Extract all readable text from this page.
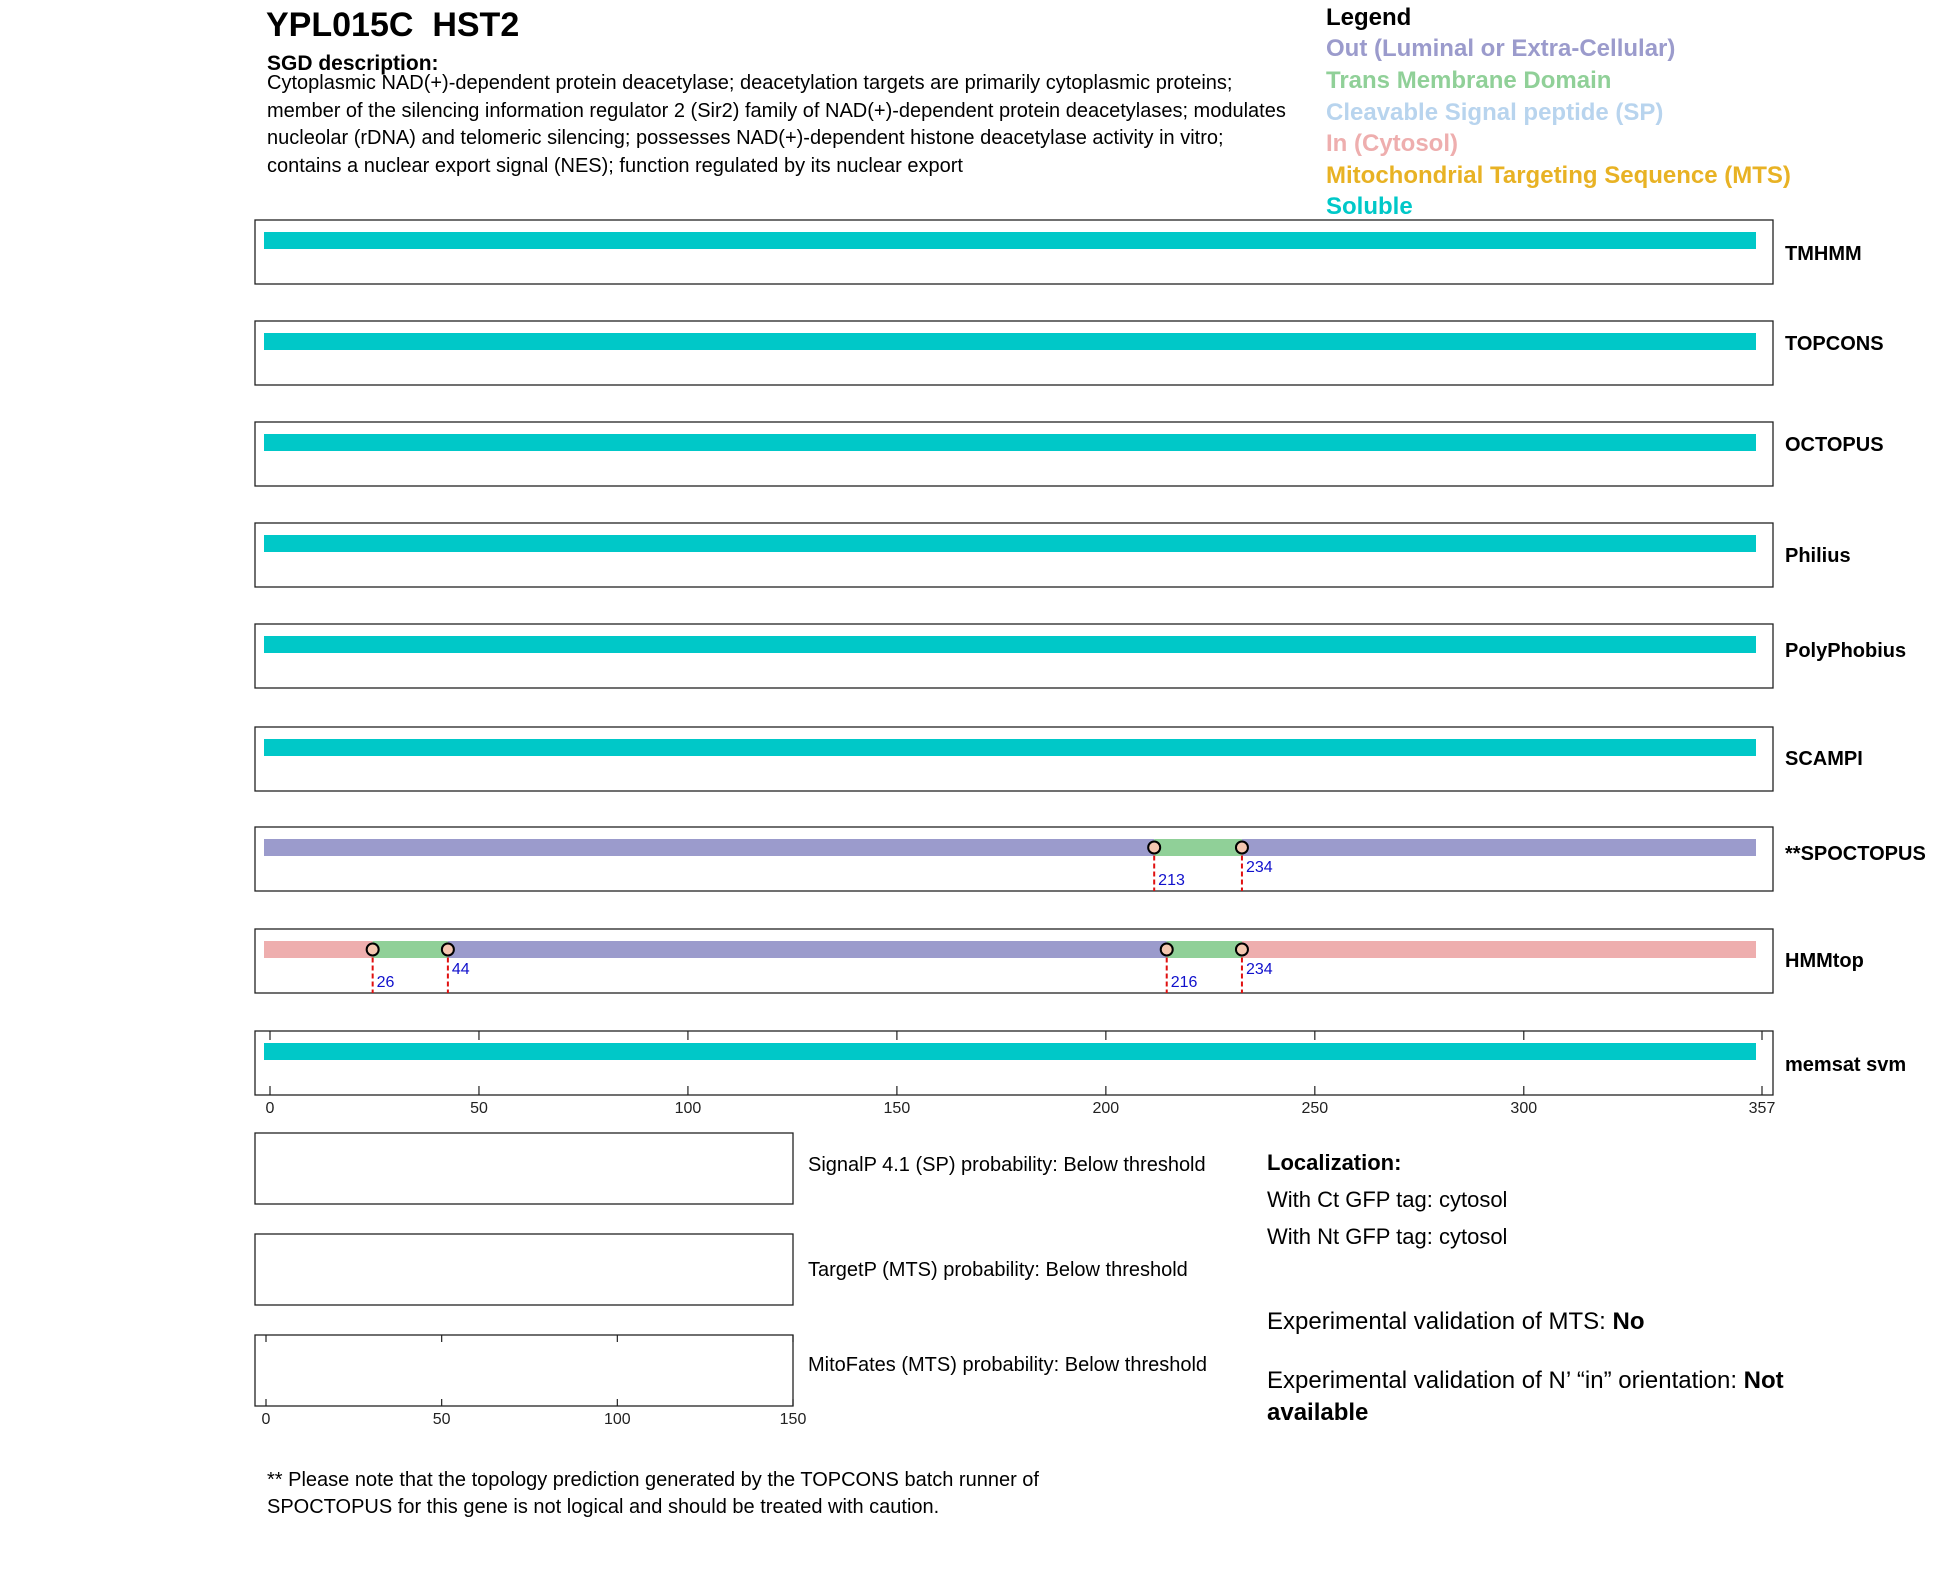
YPL015C HST2
SGD description:
Cytoplasmic NAD(+)-dependent protein deacetylase; deacetylation targets are primarily cytoplasmic proteins; member of the silencing information regulator 2 (Sir2) family of NAD(+)-dependent protein deacetylases; modulates nucleolar (rDNA) and telomeric silencing; possesses NAD(+)-dependent histone deacetylase activity in vitro; contains a nuclear export signal (NES); function regulated by its nuclear export
Legend
Out (Luminal or Extra-Cellular)
Trans Membrane Domain
Cleavable Signal peptide (SP)
In (Cytosol)
Mitochondrial Targeting Sequence (MTS)
Soluble
213
234
26
44
216
234
0	50	100	150	200	250	300	357
0	50	100	150
TMHMM
TOPCONS
OCTOPUS
Philius
PolyPhobius
SCAMPI
**SPOCTOPUS
HMMtop
memsat svm
SignalP 4.1 (SP) probability: Below threshold
TargetP (MTS) probability: Below threshold
MitoFates (MTS) probability: Below threshold
Localization:
With Ct GFP tag: cytosol
With Nt GFP tag: cytosol
Experimental validation of MTS: No
Experimental validation of N’ “in” orientation: Not available
** Please note that the topology prediction generated by the TOPCONS batch runner of SPOCTOPUS for this gene is not logical and should be treated with caution.
